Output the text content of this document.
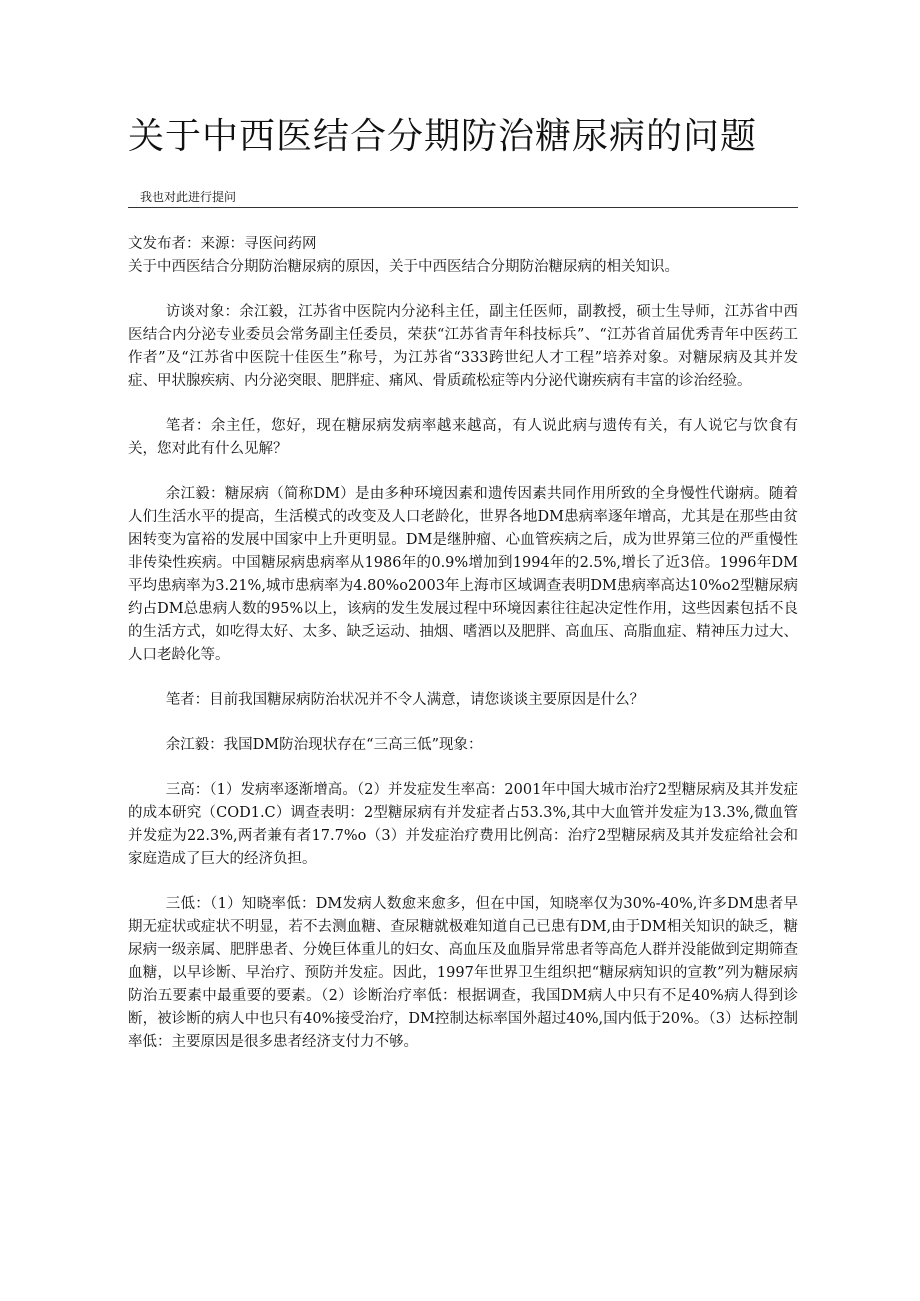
关于中西医结合分期防治糖尿病的问题
我也对此进行提问

文发布者：来源：寻医问药网

关于中西医结合分期防治糖尿病的原因，关于中西医结合分期防治糖尿病的相关知识。

访谈对象：余江毅，江苏省中医院内分泌科主任，副主任医师，副教授，硕士生导师，江苏省中西医结合内分泌专业委员会常务副主任委员，荣获“江苏省青年科技标兵”、“江苏省首届优秀青年中医药工作者”及“江苏省中医院十佳医生”称号，为江苏省“333跨世纪人才工程”培养对象。对糖尿病及其并发症、甲状腺疾病、内分泌突眼、肥胖症、痛风、骨质疏松症等内分泌代谢疾病有丰富的诊治经验。

笔者：余主任，您好，现在糖尿病发病率越来越高，有人说此病与遗传有关，有人说它与饮食有关，您对此有什么见解？

余江毅：糖尿病（简称DM）是由多种环境因素和遗传因素共同作用所致的全身慢性代谢病。随着人们生活水平的提高，生活模式的改变及人口老龄化，世界各地DM患病率逐年增高，尤其是在那些由贫困转变为富裕的发展中国家中上升更明显。DM是继肿瘤、心血管疾病之后，成为世界第三位的严重慢性非传染性疾病。中国糖尿病患病率从1986年的0.9%增加到1994年的2.5%,增长了近3倍。1996年DM平均患病率为3.21%,城市患病率为4.80%o2003年上海市区域调查表明DM患病率高达10%o2型糖尿病约占DM总患病人数的95%以上，该病的发生发展过程中环境因素往往起决定性作用，这些因素包括不良的生活方式，如吃得太好、太多、缺乏运动、抽烟、嗜酒以及肥胖、高血压、高脂血症、精神压力过大、人口老龄化等。

笔者：目前我国糖尿病防治状况并不令人满意，请您谈谈主要原因是什么？

余江毅：我国DM防治现状存在“三高三低”现象：

三高：（1）发病率逐渐增高。（2）并发症发生率高：2001年中国大城市治疗2型糖尿病及其并发症的成本研究（COD1.C）调查表明：2型糖尿病有并发症者占53.3%,其中大血管并发症为13.3%,微血管并发症为22.3%,两者兼有者17.7%o（3）并发症治疗费用比例高：治疗2型糖尿病及其并发症给社会和家庭造成了巨大的经济负担。

三低：（1）知晓率低：DM发病人数愈来愈多，但在中国，知晓率仅为30%-40%,许多DM患者早期无症状或症状不明显，若不去测血糖、查尿糖就极难知道自己已患有DM,由于DM相关知识的缺乏，糖尿病一级亲属、肥胖患者、分娩巨体重儿的妇女、高血压及血脂异常患者等高危人群并没能做到定期筛查血糖，以早诊断、早治疗、预防并发症。因此，1997年世界卫生组织把“糖尿病知识的宣教”列为糖尿病防治五要素中最重要的要素。（2）诊断治疗率低：根据调查，我国DM病人中只有不足40%病人得到诊断，被诊断的病人中也只有40%接受治疗，DM控制达标率国外超过40%,国内低于20%。（3）达标控制率低：主要原因是很多患者经济支付力不够。
